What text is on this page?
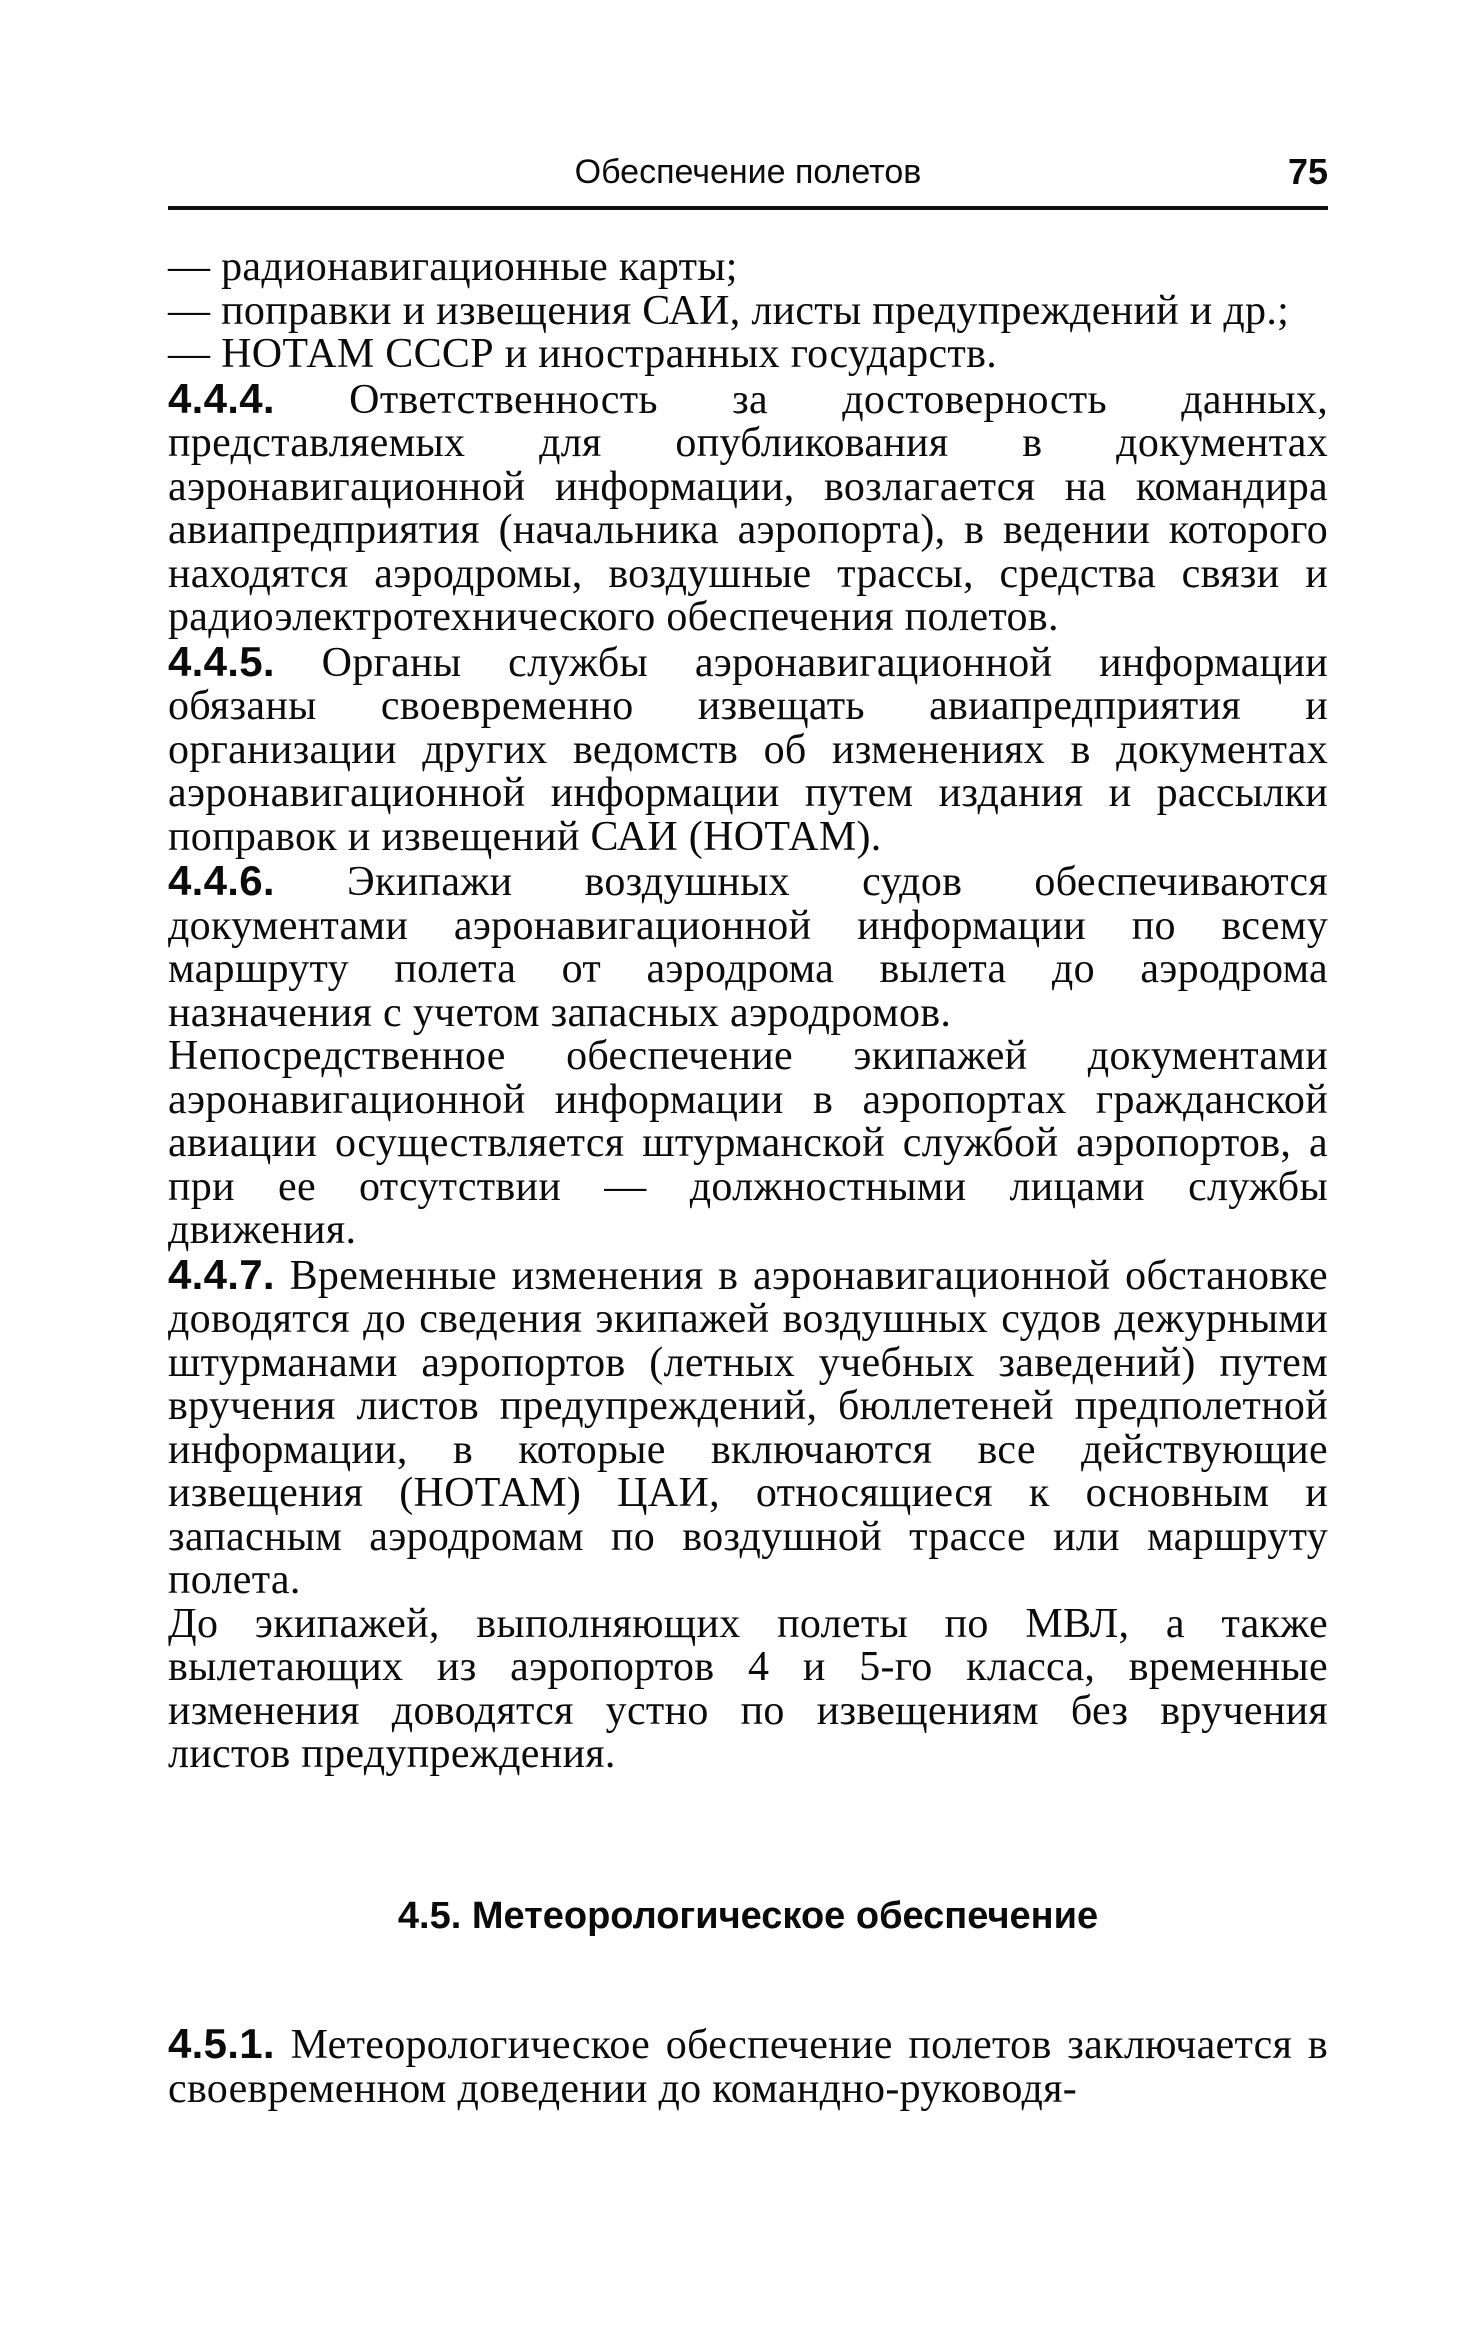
Обеспечение полетов	75

— радионавигационные карты;

— поправки и извещения САИ, листы предупреждений и др.;

— НОТАМ СССР и иностранных государств.

4.4.4. Ответственность за достоверность данных, представляемых для опубликования в документах аэронавигационной информации, возлагается на командира авиапредприятия (начальника аэропорта), в ведении которого находятся аэродромы, воздушные трассы, средства связи и радиоэлектротехнического обеспечения полетов.

4.4.5. Органы службы аэронавигационной информации обязаны своевременно извещать авиапредприятия и организации других ведомств об изменениях в документах аэронавигационной информации путем издания и рассылки поправок и извещений САИ (НОТАМ).

4.4.6. Экипажи воздушных судов обеспечиваются документами аэронавигационной информации по всему маршруту полета от аэродрома вылета до аэродрома назначения с учетом запасных аэродромов.

Непосредственное обеспечение экипажей документами аэронавигационной информации в аэропортах гражданской авиации осуществляется штурманской службой аэропортов, а при ее отсутствии — должностными лицами службы движения.

4.4.7. Временные изменения в аэронавигационной обстановке доводятся до сведения экипажей воздушных судов дежурными штурманами аэропортов (летных учебных заведений) путем вручения листов предупреждений, бюллетеней предполетной информации, в которые включаются все действующие извещения (НОТАМ) ЦАИ, относящиеся к основным и запасным аэродромам по воздушной трассе или маршруту полета.

До экипажей, выполняющих полеты по МВЛ, а также вылетающих из аэропортов 4 и 5-го класса, временные изменения доводятся устно по извещениям без вручения листов предупреждения.

4.5. Метеорологическое обеспечение

4.5.1. Метеорологическое обеспечение полетов заключается в своевременном доведении до командно-руководя-
